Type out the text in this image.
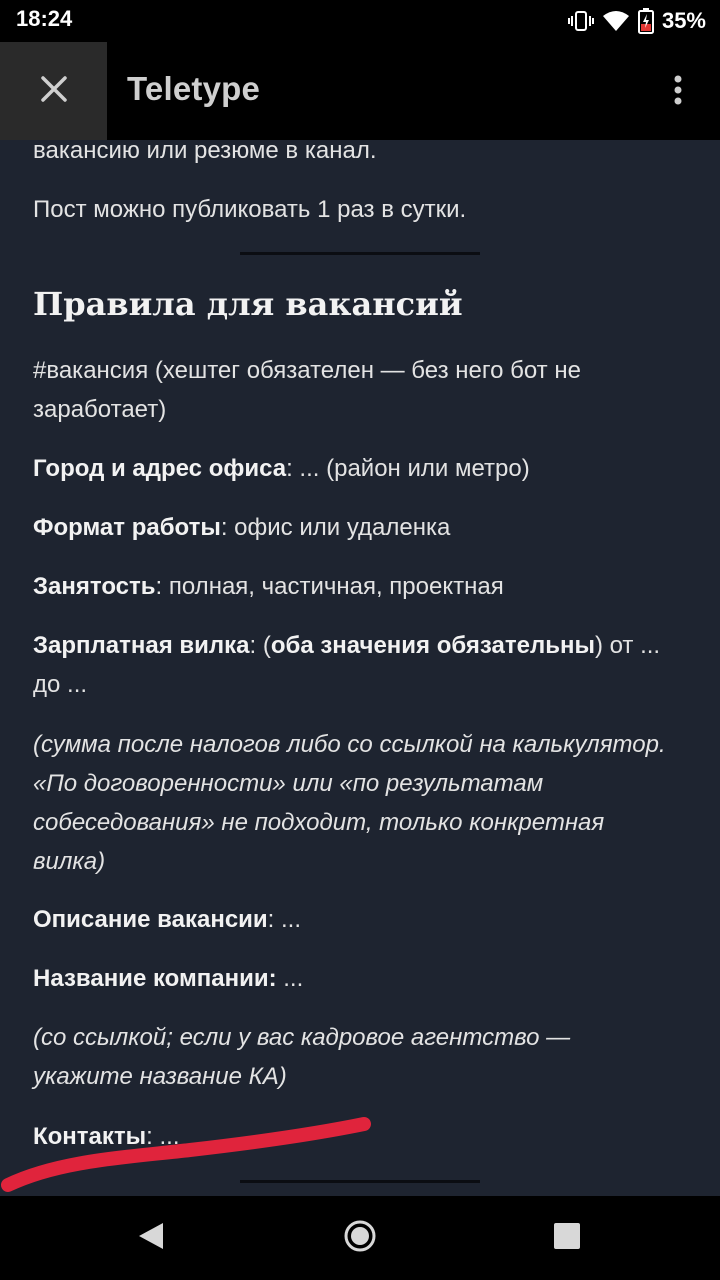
18:24	35%
Teletype
вакансию или резюме в канал.
Пост можно публиковать 1 раз в сутки.
Правила для вакансий
#вакансия (хештег обязателен — без него бот не заработает)
Город и адрес офиса: ... (район или метро)
Формат работы: офис или удаленка
Занятость: полная, частичная, проектная
Зарплатная вилка: (оба значения обязательны) от ... до ...
(сумма после налогов либо со ссылкой на калькулятор. «По договоренности» или «по результатам собеседования» не подходит, только конкретная вилка)
Описание вакансии: ...
Название компании: ...
(со ссылкой; если у вас кадровое агентство — укажите название КА)
Контакты: ...
